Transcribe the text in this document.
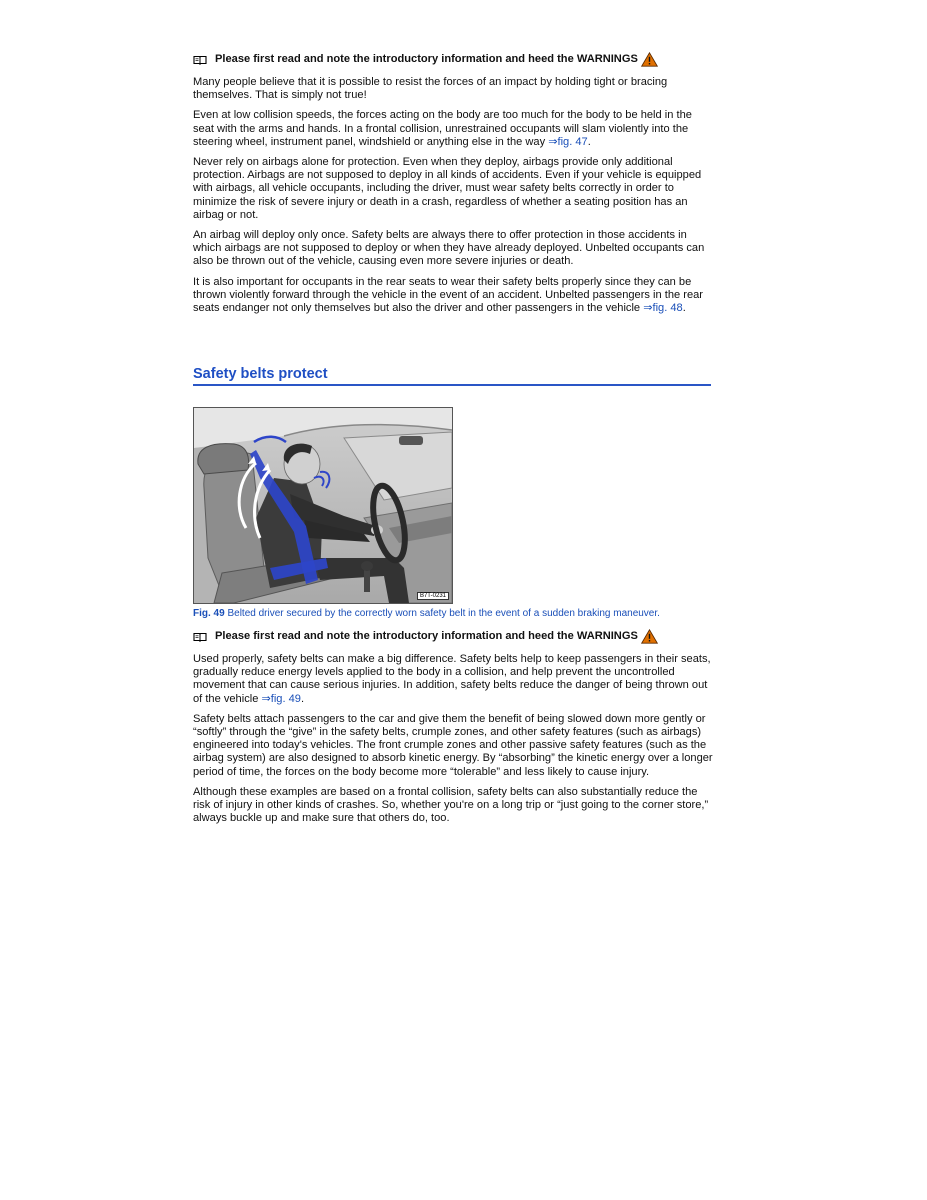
Please first read and note the introductory information and heed the WARNINGS

Many people believe that it is possible to resist the forces of an impact by holding tight or bracing themselves. That is simply not true!

Even at low collision speeds, the forces acting on the body are too much for the body to be held in the seat with the arms and hands. In a frontal collision, unrestrained occupants will slam violently into the steering wheel, instrument panel, windshield or anything else in the way ⇒fig. 47.

Never rely on airbags alone for protection. Even when they deploy, airbags provide only additional protection. Airbags are not supposed to deploy in all kinds of accidents. Even if your vehicle is equipped with airbags, all vehicle occupants, including the driver, must wear safety belts correctly in order to minimize the risk of severe injury or death in a crash, regardless of whether a seating position has an airbag or not.

An airbag will deploy only once. Safety belts are always there to offer protection in those accidents in which airbags are not supposed to deploy or when they have already deployed. Unbelted occupants can also be thrown out of the vehicle, causing even more severe injuries or death.

It is also important for occupants in the rear seats to wear their safety belts properly since they can be thrown violently forward through the vehicle in the event of an accident. Unbelted passengers in the rear seats endanger not only themselves but also the driver and other passengers in the vehicle ⇒fig. 48.

Safety belts protect
B7T-0231
Fig. 49 Belted driver secured by the correctly worn safety belt in the event of a sudden braking maneuver.
Please first read and note the introductory information and heed the WARNINGS

Used properly, safety belts can make a big difference. Safety belts help to keep passengers in their seats, gradually reduce energy levels applied to the body in a collision, and help prevent the uncontrolled movement that can cause serious injuries. In addition, safety belts reduce the danger of being thrown out of the vehicle ⇒fig. 49.

Safety belts attach passengers to the car and give them the benefit of being slowed down more gently or “softly” through the “give” in the safety belts, crumple zones, and other safety features (such as airbags) engineered into today's vehicles. The front crumple zones and other passive safety features (such as the airbag system) are also designed to absorb kinetic energy. By “absorbing” the kinetic energy over a longer period of time, the forces on the body become more “tolerable” and less likely to cause injury.

Although these examples are based on a frontal collision, safety belts can also substantially reduce the risk of injury in other kinds of crashes. So, whether you're on a long trip or “just going to the corner store,” always buckle up and make sure that others do, too.
